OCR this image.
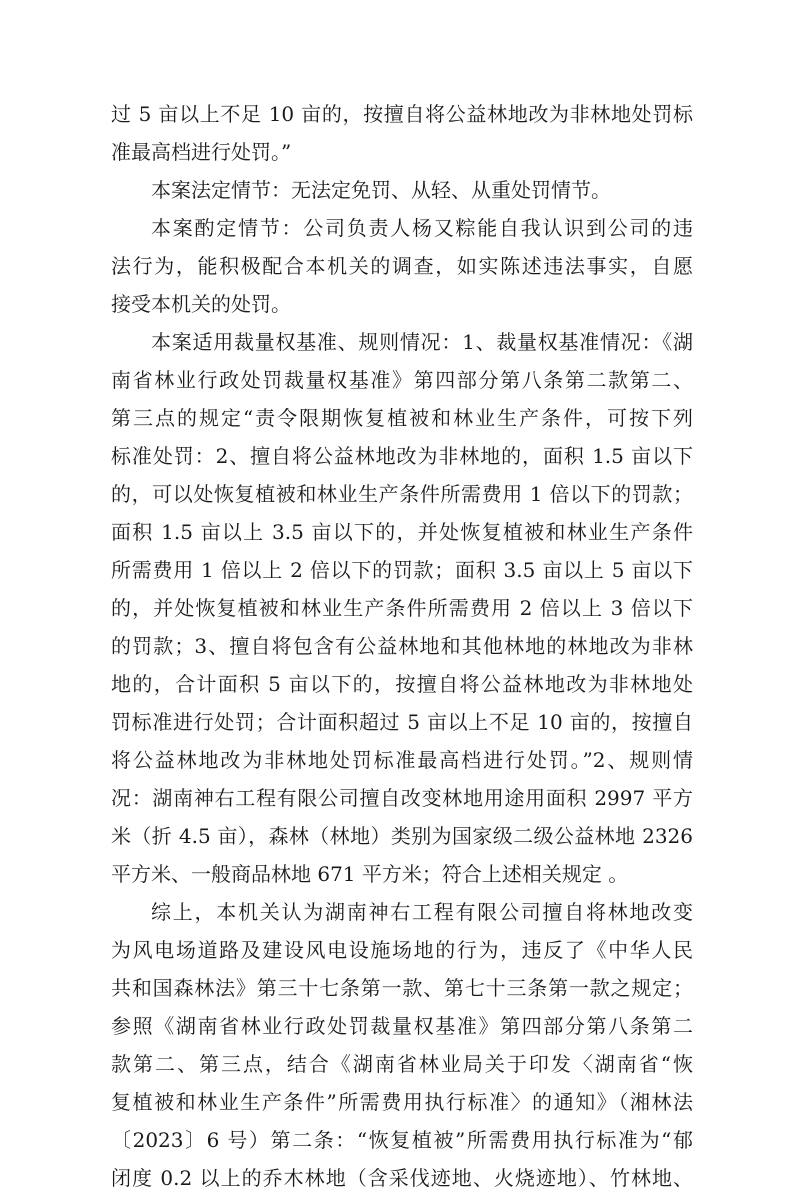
过 5 亩以上不足 10 亩的，按擅自将公益林地改为非林地处罚标
准最高档进行处罚。”
本案法定情节：无法定免罚、从轻、从重处罚情节。
本案酌定情节：公司负责人杨又粽能自我认识到公司的违
法行为，能积极配合本机关的调查，如实陈述违法事实，自愿
接受本机关的处罚。
本案适用裁量权基准、规则情况：1、裁量权基准情况：《湖
南省林业行政处罚裁量权基准》第四部分第八条第二款第二、
第三点的规定“责令限期恢复植被和林业生产条件，可按下列
标准处罚：2、擅自将公益林地改为非林地的，面积 1.5 亩以下
的，可以处恢复植被和林业生产条件所需费用 1 倍以下的罚款；
面积 1.5 亩以上 3.5 亩以下的，并处恢复植被和林业生产条件
所需费用 1 倍以上 2 倍以下的罚款；面积 3.5 亩以上 5 亩以下
的，并处恢复植被和林业生产条件所需费用 2 倍以上 3 倍以下
的罚款；3、擅自将包含有公益林地和其他林地的林地改为非林
地的，合计面积 5 亩以下的，按擅自将公益林地改为非林地处
罚标准进行处罚；合计面积超过 5 亩以上不足 10 亩的，按擅自
将公益林地改为非林地处罚标准最高档进行处罚。”2、规则情
况：湖南神右工程有限公司擅自改变林地用途用面积 2997 平方
米（折 4.5 亩），森林（林地）类别为国家级二级公益林地 2326
平方米、一般商品林地 671 平方米；符合上述相关规定 。
综上，本机关认为湖南神右工程有限公司擅自将林地改变
为风电场道路及建设风电设施场地的行为，违反了《中华人民
共和国森林法》第三十七条第一款、第七十三条第一款之规定；
参照《湖南省林业行政处罚裁量权基准》第四部分第八条第二
款第二、第三点，结合《湖南省林业局关于印发〈湖南省“恢
复植被和林业生产条件”所需费用执行标准〉的通知》（湘林法
〔2023〕6 号）第二条：“恢复植被”所需费用执行标准为“郁
闭度 0.2 以上的乔木林地（含采伐迹地、火烧迹地）、竹林地、
